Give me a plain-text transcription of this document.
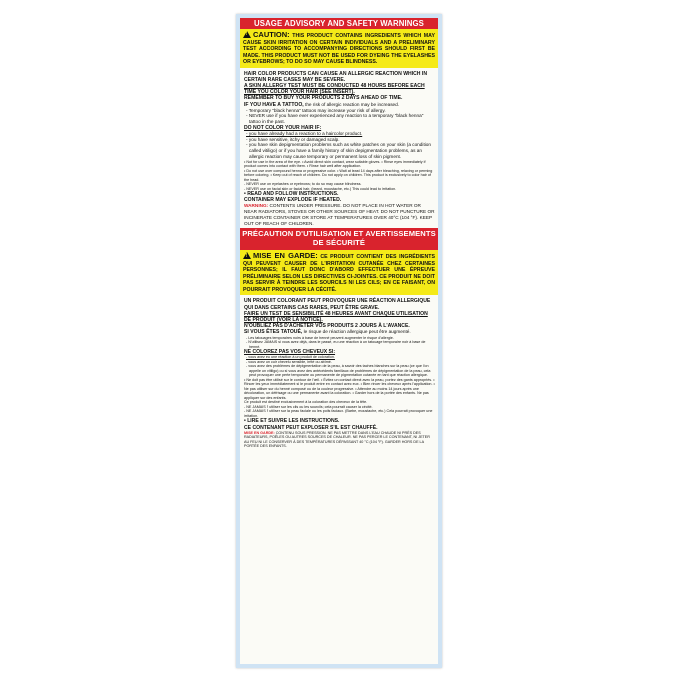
USAGE ADVISORY AND SAFETY WARNINGS
!CAUTION: THIS PRODUCT CONTAINS INGREDIENTS WHICH MAY CAUSE SKIN IRRITATION ON CERTAIN INDIVIDUALS AND A PRELIMINARY TEST ACCORDING TO ACCOMPANYING DIRECTIONS SHOULD FIRST BE MADE. THIS PRODUCT MUST NOT BE USED FOR DYEING THE EYELASHES OR EYEBROWS; TO DO SO MAY CAUSE BLINDNESS.
HAIR COLOR PRODUCTS CAN CAUSE AN ALLERGIC REACTION WHICH IN CERTAIN RARE CASES MAY BE SEVERE.
A SKIN ALLERGY TEST MUST BE CONDUCTED 48 HOURS BEFORE EACH TIME YOU COLOR YOUR HAIR (SEE INSERT).
REMEMBER TO BUY YOUR PRODUCTS 2 DAYS AHEAD OF TIME.
IF YOU HAVE A TATTOO, the risk of allergic reaction may be increased.
- Temporary "black henna" tattoos may increase your risk of allergy.
- NEVER use if you have ever experienced any reaction to a temporary "black henna" tattoo in the past.
DO NOT COLOR YOUR HAIR IF:
- you have already had a reaction to a haircolor product.
- you have sensitive, itchy or damaged scalp.
- you have skin depigmentation problems such as white patches on your skin (a condition called vitiligo) or if you have a family history of skin depigmentation problems, as an allergic reaction may cause temporary or permanent loss of skin pigment.
• Not for use in the area of the eye. • Avoid direct skin contact, wear suitable gloves. • Rinse eyes immediately if product comes into contact with them. • Rinse hair well after application.
• Do not use over compound henna or progressive color. • Wait at least 14 days after bleaching, relaxing or perming before coloring. • Keep out of reach of children. Do not apply on children. This product is exclusively to color hair of the head.
- NEVER use on eyelashes or eyebrows; to do so may cause blindness.
- NEVER use on facial skin or facial hair, (beard, moustache, etc.) This could lead to irritation.
• READ AND FOLLOW INSTRUCTIONS.
CONTAINER MAY EXPLODE IF HEATED.
WARNING: CONTENTS UNDER PRESSURE. DO NOT PLACE IN HOT WATER OR NEAR RADIATORS, STOVES OR OTHER SOURCES OF HEAT. DO NOT PUNCTURE OR INCINERATE CONTAINER OR STORE AT TEMPERATURES OVER 40°C (104 °F). KEEP OUT OF REACH OF CHILDREN.
PRÉCAUTION D'UTILISATION ET AVERTISSEMENTS DE SÉCURITÉ
!MISE EN GARDE: CE PRODUIT CONTIENT DES INGRÉDIENTS QUI PEUVENT CAUSER DE L'IRRITATION CUTANÉE CHEZ CERTAINES PERSONNES; IL FAUT DONC D'ABORD EFFECTUER UNE ÉPREUVE PRÉLIMINAIRE SELON LES DIRECTIVES CI-JOINTES. CE PRODUIT NE DOIT PAS SERVIR À TEINDRE LES SOURCILS NI LES CILS; EN CE FAISANT, ON POURRAIT PROVOQUER LA CÉCITÉ.
UN PRODUIT COLORANT PEUT PROVOQUER UNE RÉACTION ALLERGIQUE QUI DANS CERTAINS CAS RARES, PEUT ÊTRE GRAVE.
FAIRE UN TEST DE SENSIBILITÉ 48 HEURES AVANT CHAQUE UTILISATION DE PRODUIT (VOIR LA NOTICE).
N'OUBLIEZ PAS D'ACHETER VOS PRODUITS 2 JOURS À L'AVANCE.
SI VOUS ÊTES TATOUÉ, le risque de réaction allergique peut être augmenté.
- Les tatouages temporaires noirs à base de henné peuvent augmenter le risque d'allergie.
- N'utilisez JAMAIS si vous avez déjà, dans le passé, eu une réaction à un tatouage temporaire noir à base de henné.
NE COLOREZ PAS VOS CHEVEUX SI:
- vous avez eu une réaction à un produit de coloration.
- vous avez un cuir chevelu sensible, irrité ou abîmé.
- vous avez des problèmes de dépigmentation de la peau, à savoir des taches blanches sur la peau (ce que l'on appelle un vitiligo) ou si vous avez des antécédents familiaux de problèmes de dépigmentation de la peau, cela peut provoquer une perte temporaire ou permanente de pigmentation cutanée en tant que réaction allergique.
• Ne doit pas être utilisé sur le contour de l'œil. • Évitez un contact direct avec la peau, portez des gants appropriés. • Rincer les yeux immédiatement si le produit entre en contact avec eux. • Bien rincer les cheveux après l'application. • Ne pas utiliser sur du henné composé ou de la couleur progressive. • Attendre au moins 14 jours après une décoloration, un défrisage ou une permanente avant la coloration. • Garder hors de la portée des enfants. Ne pas appliquer sur des enfants.
Ce produit est destiné exclusivement à la coloration des cheveux de la tête.
- NE JAMAIS l' utiliser sur les cils ou les sourcils; cela pourrait causer la cécité.
- NE JAMAIS l' utiliser sur la peau faciale ou les poils faciaux. (Barbe, moustache, etc.) Cela pourrait provoquer une irritation.
• LIRE ET SUIVRE LES INSTRUCTIONS.
CE CONTENANT PEUT EXPLOSER S'IL EST CHAUFFÉ.
MISE EN GARDE: CONTENU SOUS PRESSION. NE PAS METTRE DANS L'EAU CHAUDE NI PRÈS DES RADIATEURS, POÊLES OU AUTRES SOURCES DE CHALEUR. NE PAS PERCER LE CONTENANT, NI JETER AU FEU NI LE CONSERVER À DES TEMPÉRATURES DÉPASSANT 40 °C (104 °F). GARDER HORS DE LA PORTÉE DES ENFANTS.
